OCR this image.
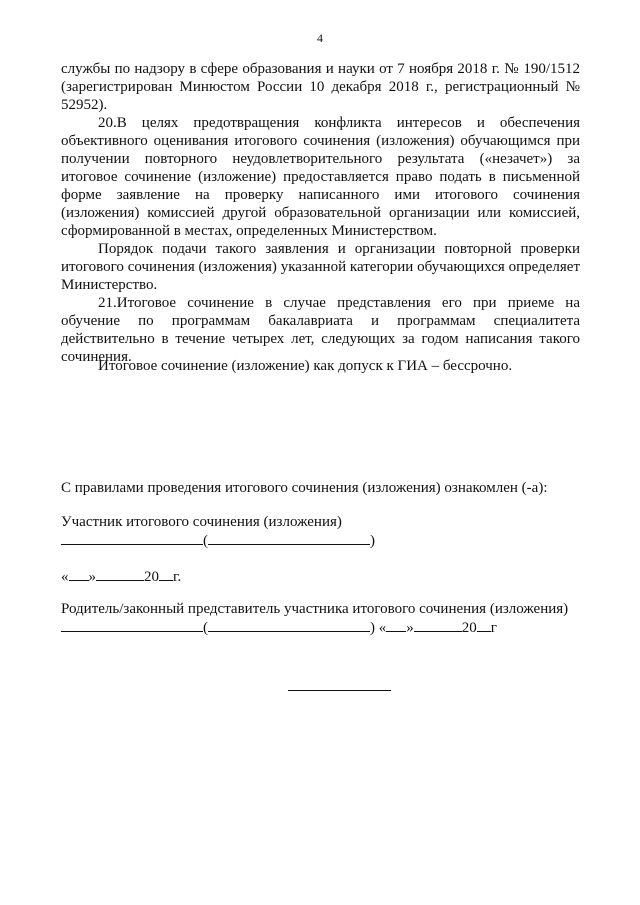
4
службы по надзору в сфере образования и науки от 7 ноября 2018 г. № 190/1512 (зарегистрирован Минюстом России 10 декабря 2018 г., регистрационный № 52952).
20.В целях предотвращения конфликта интересов и обеспечения объективного оценивания итогового сочинения (изложения) обучающимся при получении повторного неудовлетворительного результата («незачет») за итоговое сочинение (изложение) предоставляется право подать в письменной форме заявление на проверку написанного ими итогового сочинения (изложения) комиссией другой образовательной организации или комиссией, сформированной в местах, определенных Министерством.
Порядок подачи такого заявления и организации повторной проверки итогового сочинения (изложения) указанной категории обучающихся определяет Министерство.
21.Итоговое сочинение в случае представления его при приеме на обучение по программам бакалавриата и программам специалитета действительно в течение четырех лет, следующих за годом написания такого сочинения.
Итоговое сочинение (изложение) как допуск к ГИА – бессрочно.
С правилами проведения итогового сочинения (изложения) ознакомлен (-а):
Участник итогового сочинения (изложения)
(	)
« »	20 г.
Родитель/законный представитель участника итогового сочинения (изложения)
(	) « »	20 г
